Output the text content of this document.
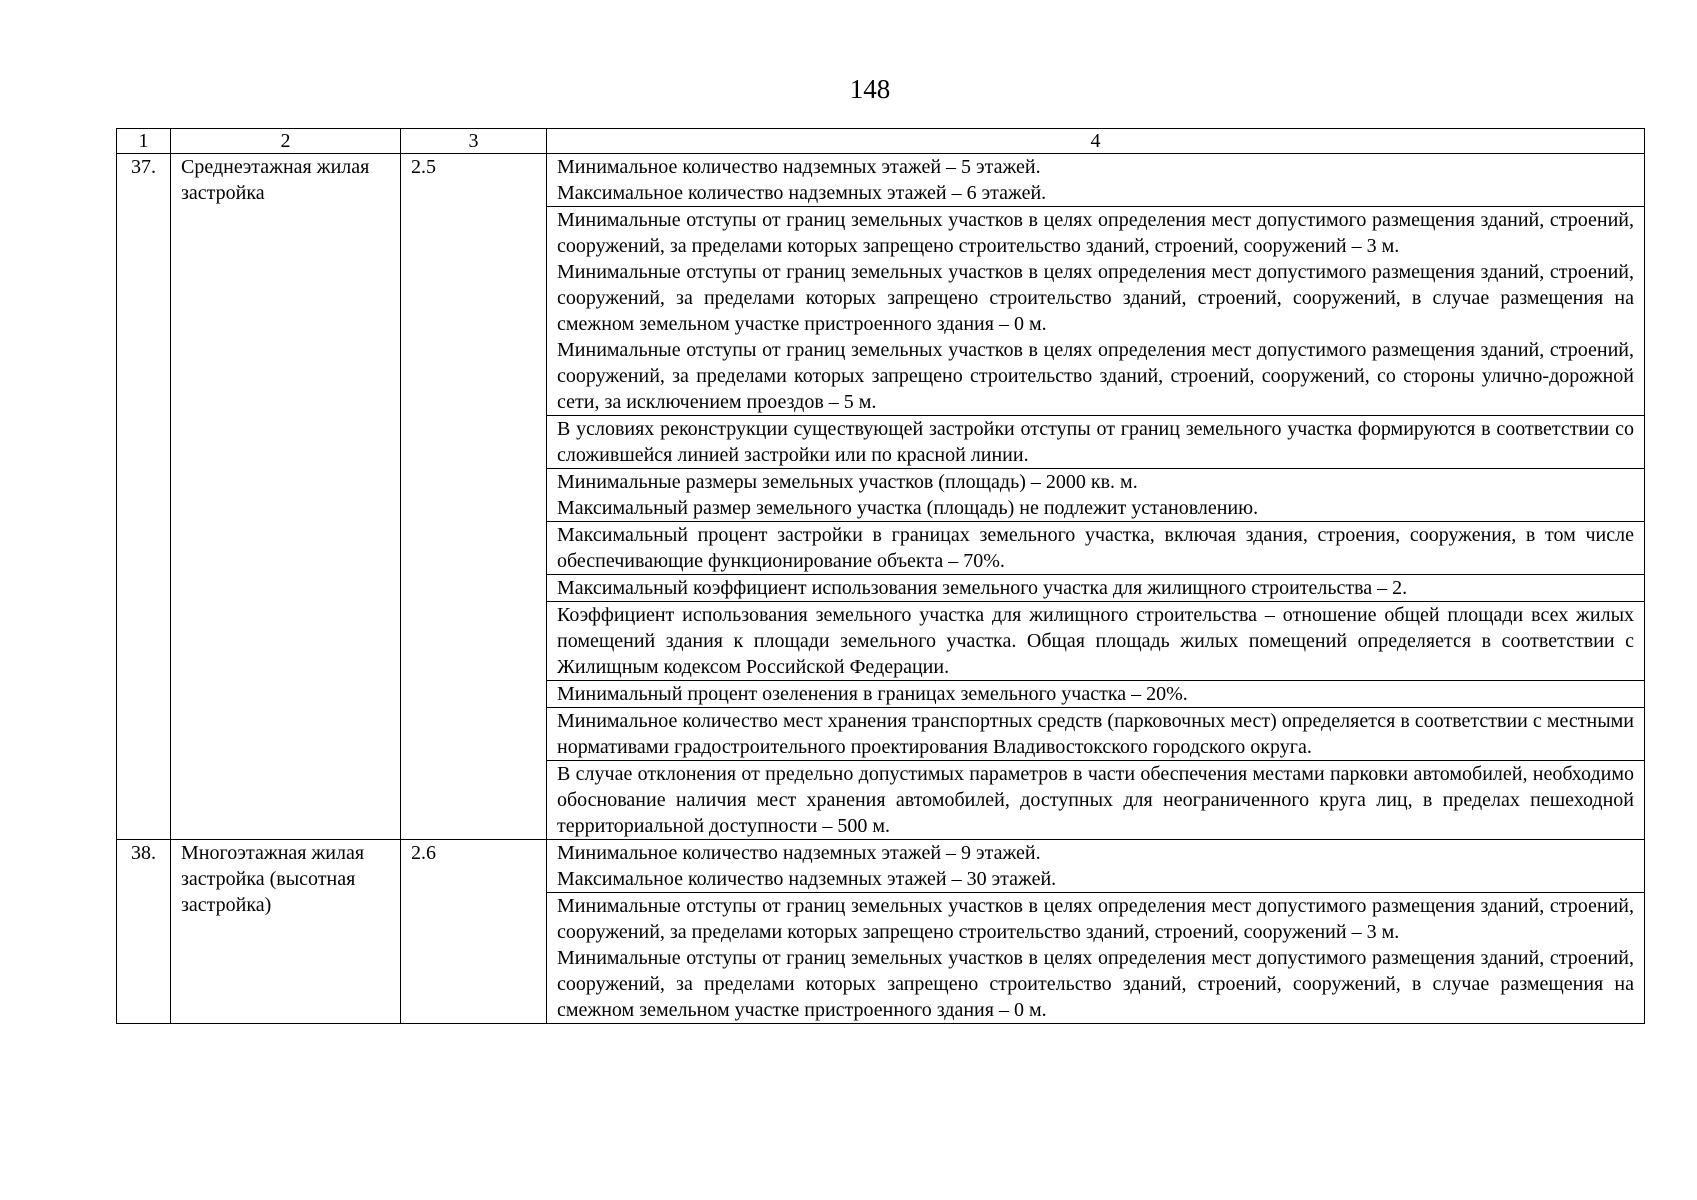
148
1	2	3	4
37.	Среднеэтажная жилая застройка	2.5	Минимальное количество надземных этажей – 5 этажей.

Максимальное количество надземных этажей – 6 этажей.

			Минимальные отступы от границ земельных участков в целях определения мест допустимого размещения зданий, строений, сооружений, за пределами которых запрещено строительство зданий, строений, сооружений – 3 м.

Минимальные отступы от границ земельных участков в целях определения мест допустимого размещения зданий, строений, сооружений, за пределами которых запрещено строительство зданий, строений, сооружений, в случае размещения на смежном земельном участке пристроенного здания – 0 м.

Минимальные отступы от границ земельных участков в целях определения мест допустимого размещения зданий, строений, сооружений, за пределами которых запрещено строительство зданий, строений, сооружений, со стороны улично-дорожной сети, за исключением проездов – 5 м.

			В условиях реконструкции существующей застройки отступы от границ земельного участка формируются в соответствии со сложившейся линией застройки или по красной линии.

			Минимальные размеры земельных участков (площадь) – 2000 кв. м.

Максимальный размер земельного участка (площадь) не подлежит установлению.

			Максимальный процент застройки в границах земельного участка, включая здания, строения, сооружения, в том числе обеспечивающие функционирование объекта – 70%.

			Максимальный коэффициент использования земельного участка для жилищного строительства – 2.

			Коэффициент использования земельного участка для жилищного строительства – отношение общей площади всех жилых помещений здания к площади земельного участка. Общая площадь жилых помещений определяется в соответствии с Жилищным кодексом Российской Федерации.

			Минимальный процент озеленения в границах земельного участка – 20%.

			Минимальное количество мест хранения транспортных средств (парковочных мест) определяется в соответствии с местными нормативами градостроительного проектирования Владивостокского городского округа.

			В случае отклонения от предельно допустимых параметров в части обеспечения местами парковки автомобилей, необходимо обоснование наличия мест хранения автомобилей, доступных для неограниченного круга лиц, в пределах пешеходной территориальной доступности – 500 м.

38.	Многоэтажная жилая застройка (высотная застройка)	2.6	Минимальное количество надземных этажей – 9 этажей.

Максимальное количество надземных этажей – 30 этажей.

			Минимальные отступы от границ земельных участков в целях определения мест допустимого размещения зданий, строений, сооружений, за пределами которых запрещено строительство зданий, строений, сооружений – 3 м.

Минимальные отступы от границ земельных участков в целях определения мест допустимого размещения зданий, строений, сооружений, за пределами которых запрещено строительство зданий, строений, сооружений, в случае размещения на смежном земельном участке пристроенного здания – 0 м.
